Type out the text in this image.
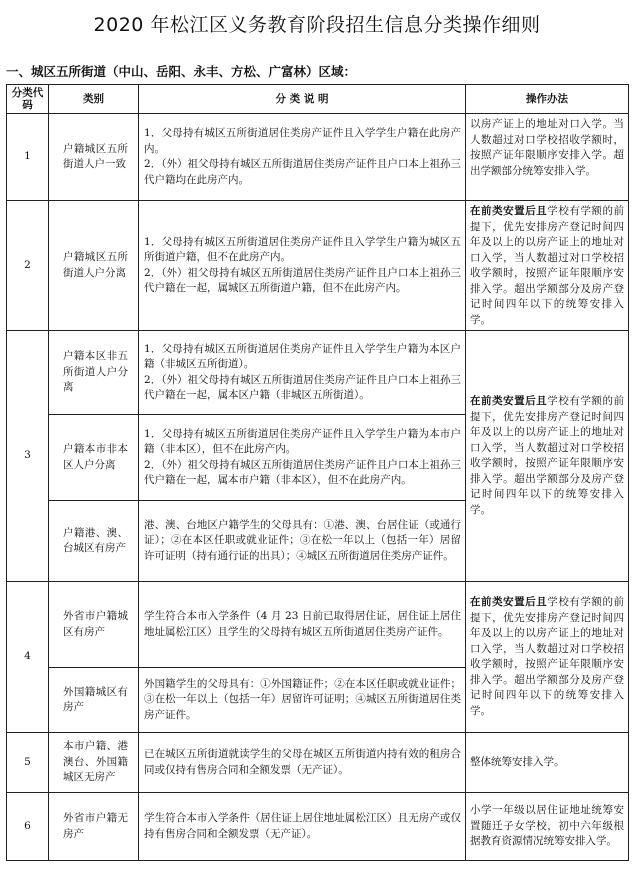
2020 年松江区义务教育阶段招生信息分类操作细则
一、城区五所街道（中山、岳阳、永丰、方松、广富林）区域：
分类代码	类别	分 类 说 明	操作办法
1	户籍城区五所街道人户一致	1．父母持有城区五所街道居住类房产证件且入学学生户籍在此房产内。
2．（外）祖父母持有城区五所街道居住类房产证件且户口本上祖孙三代户籍均在此房产内。	以房产证上的地址对口入学。当人数超过对口学校招收学额时，按照产证年限顺序安排入学。超出学额部分统筹安排入学。
2	户籍城区五所街道人户分离	1．父母持有城区五所街道居住类房产证件且入学学生户籍为城区五所街道户籍，但不在此房产内。
2．（外）祖父母持有城区五所街道居住类房产证件且户口本上祖孙三代户籍在一起，属城区五所街道户籍，但不在此房产内。	在前类安置后且学校有学额的前提下，优先安排房产登记时间四年及以上的以房产证上的地址对口入学，当人数超过对口学校招收学额时，按照产证年限顺序安排入学。超出学额部分及房产登记时间四年以下的统筹安排入学。
3	户籍本区非五所街道人户分离	1．父母持有城区五所街道居住类房产证件且入学学生户籍为本区户籍（非城区五所街道）。
2．（外）祖父母持有城区五所街道居住类房产证件且户口本上祖孙三代户籍在一起，属本区户籍（非城区五所街道）。	在前类安置后且学校有学额的前提下，优先安排房产登记时间四年及以上的以房产证上的地址对口入学，当人数超过对口学校招收学额时，按照产证年限顺序安排入学。超出学额部分及房产登记时间四年以下的统筹安排入学。
	户籍本市非本区人户分离	1．父母持有城区五所街道居住类房产证件且入学学生户籍为本市户籍（非本区），但不在此房产内。
2．（外）祖父母持有城区五所街道居住类房产证件且户口本上祖孙三代户籍在一起，属本市户籍（非本区），但不在此房产内。	

	户籍港、澳、台城区有房产	港、澳、台地区户籍学生的父母具有：①港、澳、台居住证（或通行证）；②在本区任职或就业证件；③在松一年以上（包括一年）居留许可证明（持有通行证的出具）；④城区五所街道居住类房产证件。	

4	外省市户籍城区有房产	学生符合本市入学条件（4 月 23 日前已取得居住证，居住证上居住地址属松江区）且学生的父母持有城区五所街道居住类房产证件。	在前类安置后且学校有学额的前提下，优先安排房产登记时间四年及以上的以房产证上的地址对口入学，当人数超过对口学校招收学额时，按照产证年限顺序安排入学。超出学额部分及房产登记时间四年以下的统筹安排入学。
	外国籍城区有房产	外国籍学生的父母具有：①外国籍证件；②在本区任职或就业证件；③在松一年以上（包括一年）居留许可证明；④城区五所街道居住类房产证件。	

5	本市户籍、港澳台、外国籍城区无房产	已在城区五所街道就读学生的父母在城区五所街道内持有效的租房合同或仅持有售房合同和全额发票（无产证）。	整体统筹安排入学。
6	外省市户籍无房产	学生符合本市入学条件（居住证上居住地址属松江区）且无房产或仅持有售房合同和全额发票（无产证）。	小学一年级以居住证地址统筹安置随迁子女学校，初中六年级根据教育资源情况统筹安排入学。
